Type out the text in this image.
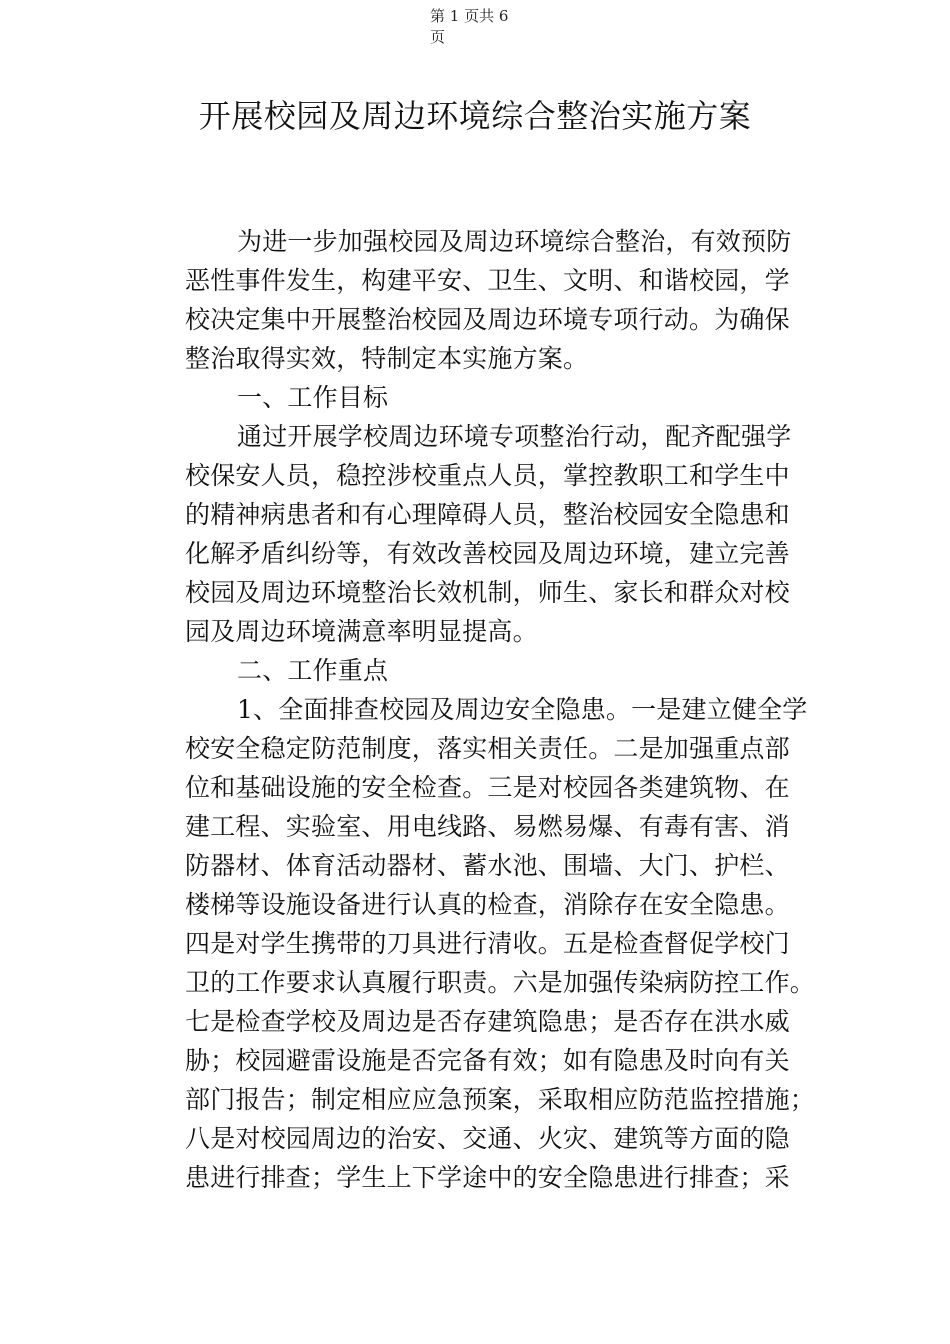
第 1 页共 6
页
开展校园及周边环境综合整治实施方案
为进一步加强校园及周边环境综合整治，有效预防
恶性事件发生，构建平安、卫生、文明、和谐校园，学
校决定集中开展整治校园及周边环境专项行动。为确保
整治取得实效，特制定本实施方案。
一、工作目标
通过开展学校周边环境专项整治行动，配齐配强学
校保安人员，稳控涉校重点人员，掌控教职工和学生中
的精神病患者和有心理障碍人员，整治校园安全隐患和
化解矛盾纠纷等，有效改善校园及周边环境，建立完善
校园及周边环境整治长效机制，师生、家长和群众对校
园及周边环境满意率明显提高。
二、工作重点
1、全面排查校园及周边安全隐患。一是建立健全学
校安全稳定防范制度，落实相关责任。二是加强重点部
位和基础设施的安全检查。三是对校园各类建筑物、在
建工程、实验室、用电线路、易燃易爆、有毒有害、消
防器材、体育活动器材、蓄水池、围墙、大门、护栏、
楼梯等设施设备进行认真的检查，消除存在安全隐患。
四是对学生携带的刀具进行清收。五是检查督促学校门
卫的工作要求认真履行职责。六是加强传染病防控工作。
七是检查学校及周边是否存建筑隐患；是否存在洪水威
胁；校园避雷设施是否完备有效；如有隐患及时向有关
部门报告；制定相应应急预案，采取相应防范监控措施；
八是对校园周边的治安、交通、火灾、建筑等方面的隐
患进行排查；学生上下学途中的安全隐患进行排查；采
